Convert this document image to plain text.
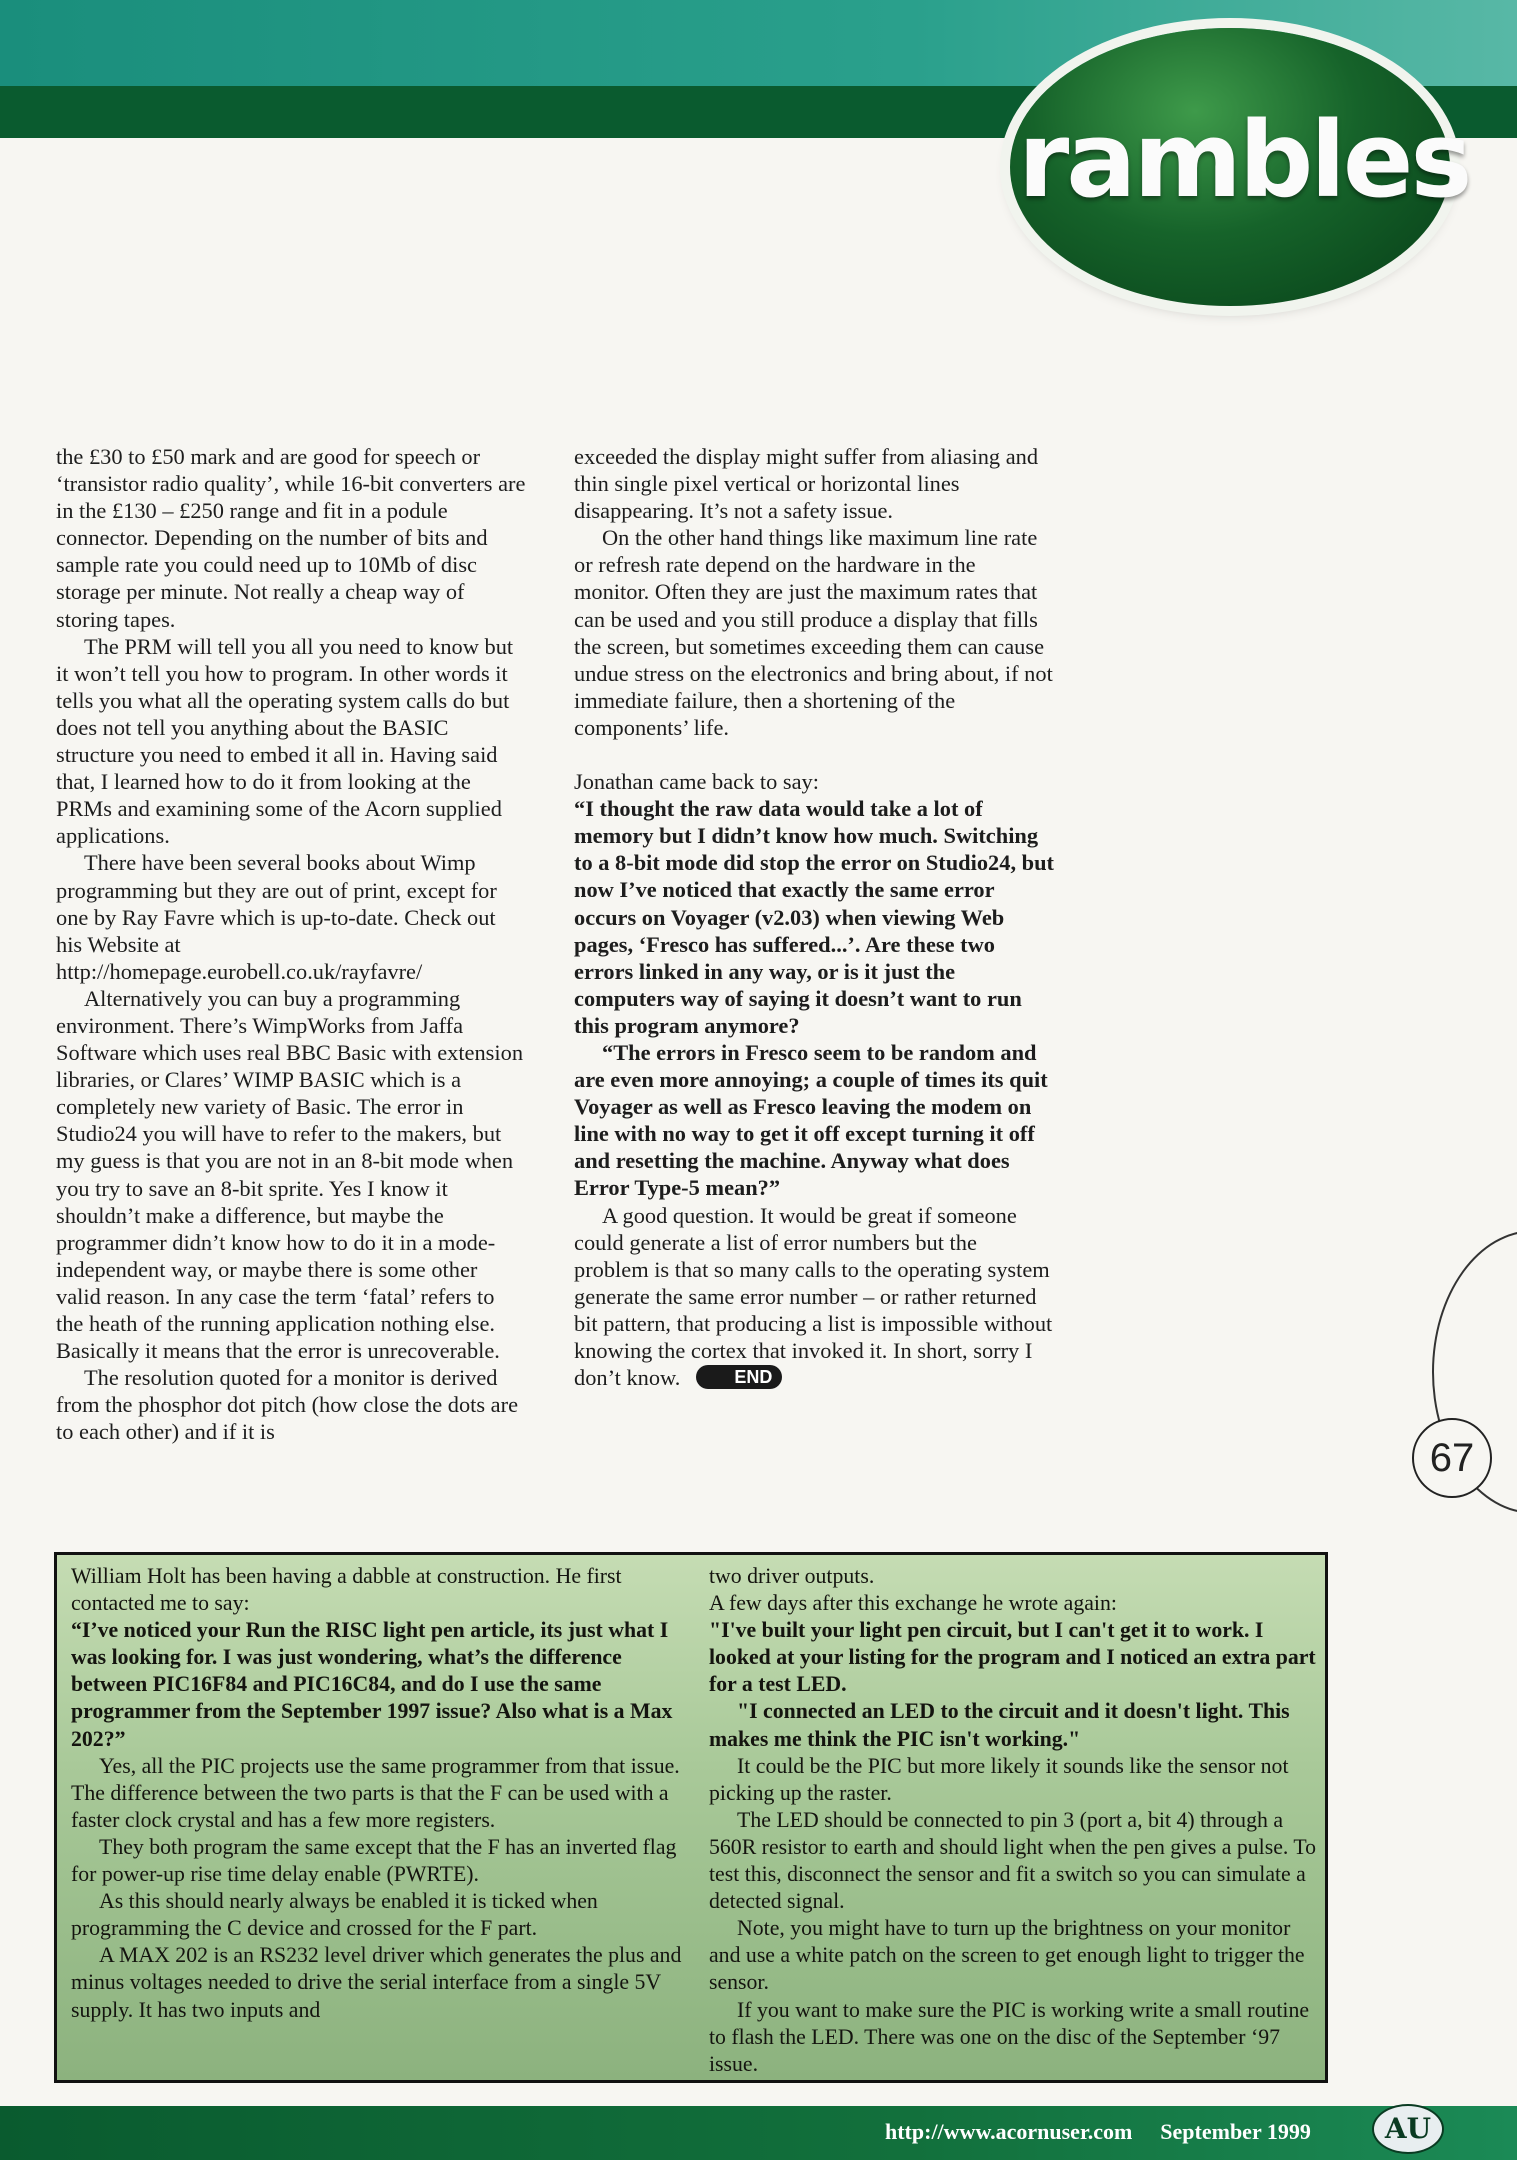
rambles

the £30 to £50 mark and are good for speech or ‘transistor radio quality’, while 16-bit converters are in the £130 – £250 range and fit in a podule connector. Depending on the number of bits and sample rate you could need up to 10Mb of disc storage per minute. Not really a cheap way of storing tapes.

The PRM will tell you all you need to know but it won’t tell you how to program. In other words it tells you what all the operating system calls do but does not tell you anything about the BASIC structure you need to embed it all in. Having said that, I learned how to do it from looking at the PRMs and examining some of the Acorn supplied applications.

There have been several books about Wimp programming but they are out of print, except for one by Ray Favre which is up-to-date. Check out his Website at http://homepage.eurobell.co.uk/rayfavre/

Alternatively you can buy a programming environment. There’s WimpWorks from Jaffa Software which uses real BBC Basic with extension libraries, or Clares’ WIMP BASIC which is a completely new variety of Basic. The error in Studio24 you will have to refer to the makers, but my guess is that you are not in an 8-bit mode when you try to save an 8-bit sprite. Yes I know it shouldn’t make a difference, but maybe the programmer didn’t know how to do it in a mode-independent way, or maybe there is some other valid reason. In any case the term ‘fatal’ refers to the heath of the running application nothing else. Basically it means that the error is unrecoverable.

The resolution quoted for a monitor is derived from the phosphor dot pitch (how close the dots are to each other) and if it is

exceeded the display might suffer from aliasing and thin single pixel vertical or horizontal lines disappearing. It’s not a safety issue.

On the other hand things like maximum line rate or refresh rate depend on the hardware in the monitor. Often they are just the maximum rates that can be used and you still produce a display that fills the screen, but sometimes exceeding them can cause undue stress on the electronics and bring about, if not immediate failure, then a shortening of the components’ life.

Jonathan came back to say:

“I thought the raw data would take a lot of memory but I didn’t know how much. Switching to a 8-bit mode did stop the error on Studio24, but now I’ve noticed that exactly the same error occurs on Voyager (v2.03) when viewing Web pages, ‘Fresco has suffered...’. Are these two errors linked in any way, or is it just the computers way of saying it doesn’t want to run this program anymore?

“The errors in Fresco seem to be random and are even more annoying; a couple of times its quit Voyager as well as Fresco leaving the modem on line with no way to get it off except turning it off and resetting the machine. Anyway what does Error Type-5 mean?”

A good question. It would be great if someone could generate a list of error numbers but the problem is that so many calls to the operating system generate the same error number – or rather returned bit pattern, that producing a list is impossible without knowing the cortex that invoked it. In short, sorry I don’t know.	END

67

William Holt has been having a dabble at construction. He first contacted me to say:

“I’ve noticed your Run the RISC light pen article, its just what I was looking for. I was just wondering, what’s the difference between PIC16F84 and PIC16C84, and do I use the same programmer from the September 1997 issue? Also what is a Max 202?”

Yes, all the PIC projects use the same programmer from that issue. The difference between the two parts is that the F can be used with a faster clock crystal and has a few more registers.

They both program the same except that the F has an inverted flag for power-up rise time delay enable (PWRTE).

As this should nearly always be enabled it is ticked when programming the C device and crossed for the F part.

A MAX 202 is an RS232 level driver which generates the plus and minus voltages needed to drive the serial interface from a single 5V supply. It has two inputs and

two driver outputs.

A few days after this exchange he wrote again:

"I've built your light pen circuit, but I can't get it to work. I looked at your listing for the program and I noticed an extra part for a test LED.

"I connected an LED to the circuit and it doesn't light. This makes me think the PIC isn't working."

It could be the PIC but more likely it sounds like the sensor not picking up the raster.

The LED should be connected to pin 3 (port a, bit 4) through a 560R resistor to earth and should light when the pen gives a pulse. To test this, disconnect the sensor and fit a switch so you can simulate a detected signal.

Note, you might have to turn up the brightness on your monitor and use a white patch on the screen to get enough light to trigger the sensor.

If you want to make sure the PIC is working write a small routine to flash the LED. There was one on the disc of the September ‘97 issue.

http://www.acornuser.com September 1999	AU
